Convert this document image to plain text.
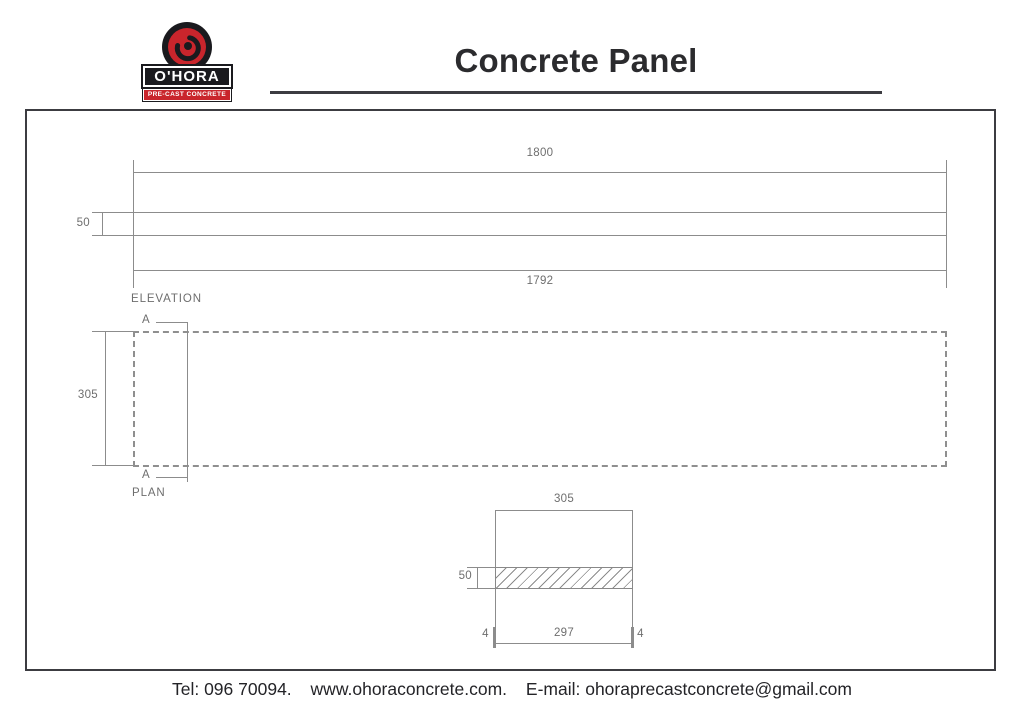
O'HORA
PRE-CAST CONCRETE
Concrete Panel
1800
50
1792
ELEVATION
305
A
A
PLAN	305
50
297
4	4
Tel: 096 70094. www.ohoraconcrete.com. E-mail: ohoraprecastconcrete@gmail.com
